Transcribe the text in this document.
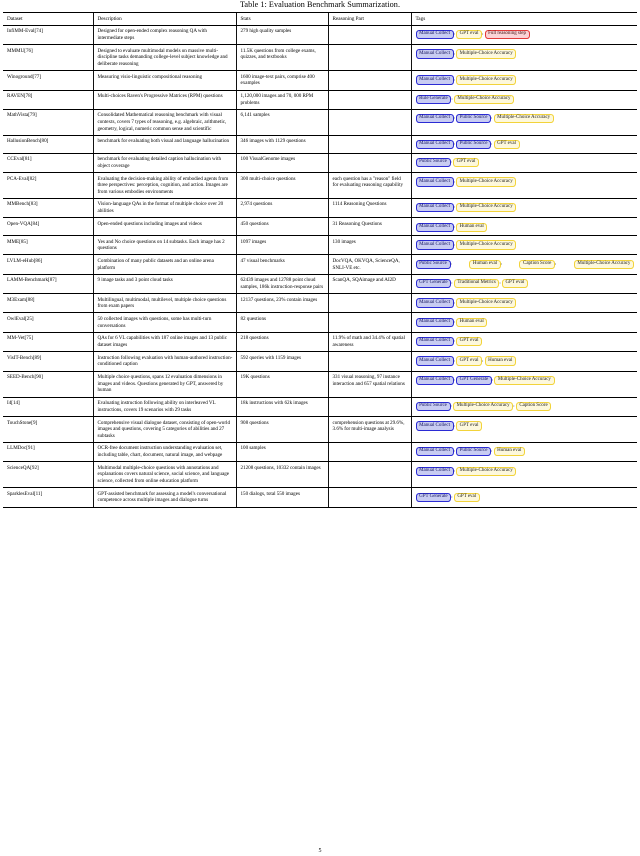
Table 1: Evaluation Benchmark Summarization.
Dataset	Description	Stats	Reasoning Part	Tags
InfiMM-Eval[74]	Designed for open-ended complex reasoning QA with intermediate steps	279 high quality samples		Manual Collect , GPT eval , Full reasoning step

MMMU[76]	Designed to evaluate multimodal models on massive multi-discipline tasks demanding college-level subject knowledge and deliberate reasoning	11.5K questions from college exams, quizzes, and textbooks		Manual Collect , Multiple-Choice Accuracy

Winoground[77]	Measuring visio-linguistic compositional reasoning	1600 image-text pairs, comprise 400 examples		Manual Collect , Multiple-Choice Accuracy

RAVEN[78]	Multi-choices Raven's Progressive Matrices (RPM) questions	1,120,000 images and 70, 000 RPM problems		Rule Generate , Multiple-Choice Accuracy

MathVista[79]	Consolidated Mathematical reasoning benchmark with visual contexts, covers 7 types of reasoning, e.g. algebraic, arithmetic, geometry, logical, numeric common sense and scientific	6,141 samples		Manual Collect , Public Source , Multiple-Choice Accuracy

HallusionBench[80]	benchmark for evaluating both visual and language hallucination	346 images with 1129 questions		Manual Collect , Public Source , GPT eval

CCEval[81]	benchmark for evaluating detailed caption hallucination with object coverage	100 VisualGenome images		Public Source , GPT eval

PCA-Eval[82]	Evaluating the decision-making ability of embodied agents from three perspectives: perception, cognition, and action. Images are from various embodies environments	300 multi-choice questions	each question has a "reason" field for evaluating reasoning capability	Manual Collect , Multiple-Choice Accuracy

MMBench[83]	Vision-language QAs in the format of multiple choice over 20 abilities	2,974 questions	1114 Reasoning Questions	Manual Collect , Multiple-Choice Accuracy

Open-VQA[84]	Open-ended questions including images and videos	450 questions	31 Reasoning Questions	Manual Collect , Human eval

MME[85]	Yes and No choice questions on 14 subtasks. Each image has 2 questions	1097 images	130 images	Manual Collect , Multiple-Choice Accuracy

LVLM-eHub[86]	Combination of many public datasets and an online arena platform	47 visual benchmarks	DocVQA, OKVQA, ScienceQA, SNLI-VE etc.	Public Source , Human eval , Caption Score , Multiple-Choice Accuracy

LAMM-Benchmark[87]	9 image tasks and 3 point cloud tasks	62439 images and 12788 point cloud samples, 186k instruction-response pairs	ScanQA, SQAimage and AI2D	GPT Generate , Traditional Metrics , GPT eval

M3Exam[88]	Multilingual, multimodal, multilevel, multiple choice questions from exam papers	12137 questions, 23% contain images		Manual Collect , Multiple-Choice Accuracy

OwlEval[25]	50 collected images with questions, some has multi-turn conversations	82 questions		Manual Collect , Human eval

MM-Vet[75]	QAs for 6 VL capabilities with 187 online images and 13 public dataset images	218 questions	11.9% of math and 34.4% of spatial awareness	Manual Collect , GPT eval

VisIT-Bench[89]	Instruction following evaluation with human-authored instruction-conditioned caption	592 queries with 1159 images		Manual Collect , GPT eval , Human eval

SEED-Bench[90]	Multiple choice questions, spans 12 evaluation dimensions in images and videos. Questions generated by GPT, answered by human	19K questions	331 visual reasoning, 97 instance interaction and 657 spatial relations	Manual Collect , GPT Generate , Multiple-Choice Accuracy

I4[14]	Evaluating instruction following ability on interleaved VL instructions, covers 19 scenarios with 29 tasks	18k instructions with 62k images		Public Source , Multiple-Choice Accuracy , Caption Score

TouchStone[9]	Comprehensive visual dialogue dataset, consisting of open-world images and questions, covering 5 categories of abilities and 27 subtasks	908 questions	comprehension questions at 29.6%, 3.6% for multi-image analysis	Manual Collect , GPT eval

LLMDoc[91]	OCR-free document instruction understanding evaluation set, including table, chart, document, natural image, and webpage	100 samples		Manual Collect , Public Source , Human eval

ScienceQA[92]	Multimodal multiple-choice questions with annotations and explanations covers natural science, social science, and language science, collected from online education platform	21208 questions, 10332 contain images		Manual Collect , Multiple-Choice Accuracy

SparklesEval[11]	GPT-assisted benchmark for assessing a model's conversational competence across multiple images and dialogue turns	150 dialogs, total 550 images		GPT Generate , GPT eval
5
